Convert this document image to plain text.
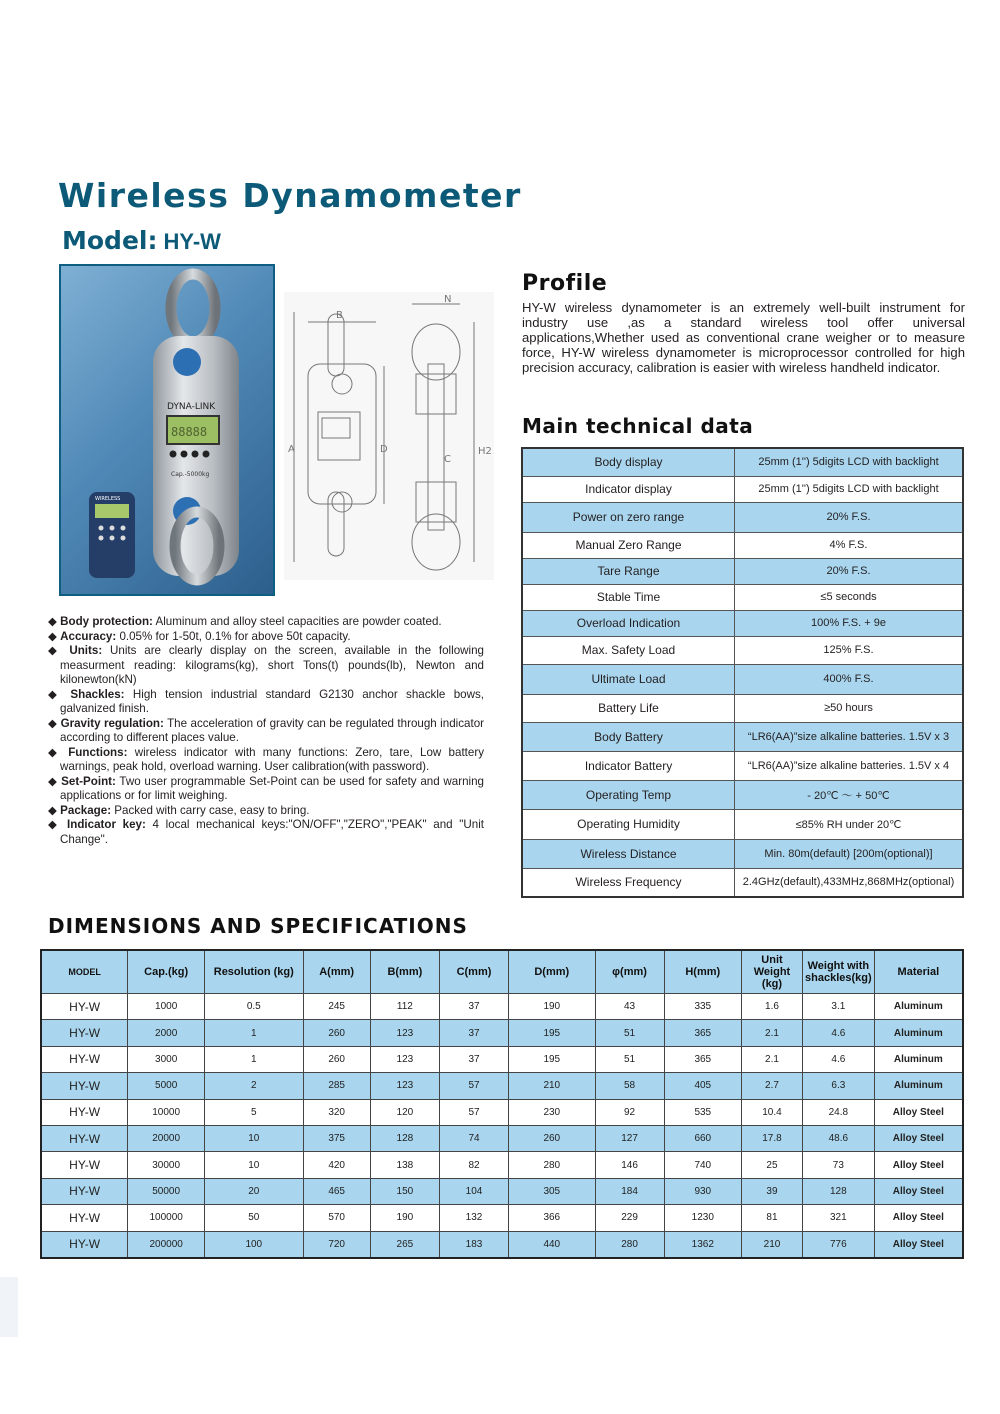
Wireless Dynamometer
Model: HY-W
DYNA-LINK
88888
Cap.-5000kg
WIRELESS
B
N
A	D
C
H2
Profile
HY-W wireless dynamometer is an extremely well-built instrument for industry use ,as a standard wireless tool offer universal applications,Whether used as conventional crane weigher or to measure force, HY-W wireless dynamometer is microprocessor controlled for high precision accuracy, calibration is easier with wireless handheld indicator.
Main technical data
Body display	25mm (1'') 5digits LCD with backlight
Indicator display	25mm (1'') 5digits LCD with backlight
Power on zero range	20% F.S.
Manual Zero Range	4% F.S.
Tare Range	20% F.S.
Stable Time	≤5 seconds
Overload Indication	100% F.S. + 9e
Max. Safety Load	125% F.S.
Ultimate Load	400% F.S.
Battery Life	≥50 hours
Body Battery	“LR6(AA)”size alkaline batteries. 1.5V x 3
Indicator Battery	“LR6(AA)”size alkaline batteries. 1.5V x 4
Operating Temp	- 20℃ ～ + 50℃
Operating Humidity	≤85% RH under 20℃
Wireless Distance	Min. 80m(default) [200m(optional)]
Wireless Frequency	2.4GHz(default),433MHz,868MHz(optional)
◆ Body protection: Aluminum and alloy steel capacities are powder coated.
◆ Accuracy: 0.05% for 1-50t, 0.1% for above 50t capacity.
◆ Units: Units are clearly display on the screen, available in the following measurment reading: kilograms(kg), short Tons(t) pounds(lb), Newton and kilonewton(kN)
◆ Shackles: High tension industrial standard G2130 anchor shackle bows, galvanized finish.
◆ Gravity regulation: The acceleration of gravity can be regulated through indicator according to different places value.
◆ Functions: wireless indicator with many functions: Zero, tare, Low battery warnings, peak hold, overload warning. User calibration(with password).
◆ Set-Point: Two user programmable Set-Point can be used for safety and warning applications or for limit weighing.
◆ Package: Packed with carry case, easy to bring.
◆ Indicator key: 4 local mechanical keys:"ON/OFF","ZERO","PEAK" and "Unit Change".
DIMENSIONS AND SPECIFICATIONS
MODEL	Cap.(kg)	Resolution (kg)	A(mm)	B(mm)	C(mm)	D(mm)	φ(mm)	H(mm)	Unit Weight (kg)	Weight with shackles(kg)	Material
HY-W	1000	0.5	245	112	37	190	43	335	1.6	3.1	Aluminum
HY-W	2000	1	260	123	37	195	51	365	2.1	4.6	Aluminum
HY-W	3000	1	260	123	37	195	51	365	2.1	4.6	Aluminum
HY-W	5000	2	285	123	57	210	58	405	2.7	6.3	Aluminum
HY-W	10000	5	320	120	57	230	92	535	10.4	24.8	Alloy Steel
HY-W	20000	10	375	128	74	260	127	660	17.8	48.6	Alloy Steel
HY-W	30000	10	420	138	82	280	146	740	25	73	Alloy Steel
HY-W	50000	20	465	150	104	305	184	930	39	128	Alloy Steel
HY-W	100000	50	570	190	132	366	229	1230	81	321	Alloy Steel
HY-W	200000	100	720	265	183	440	280	1362	210	776	Alloy Steel
